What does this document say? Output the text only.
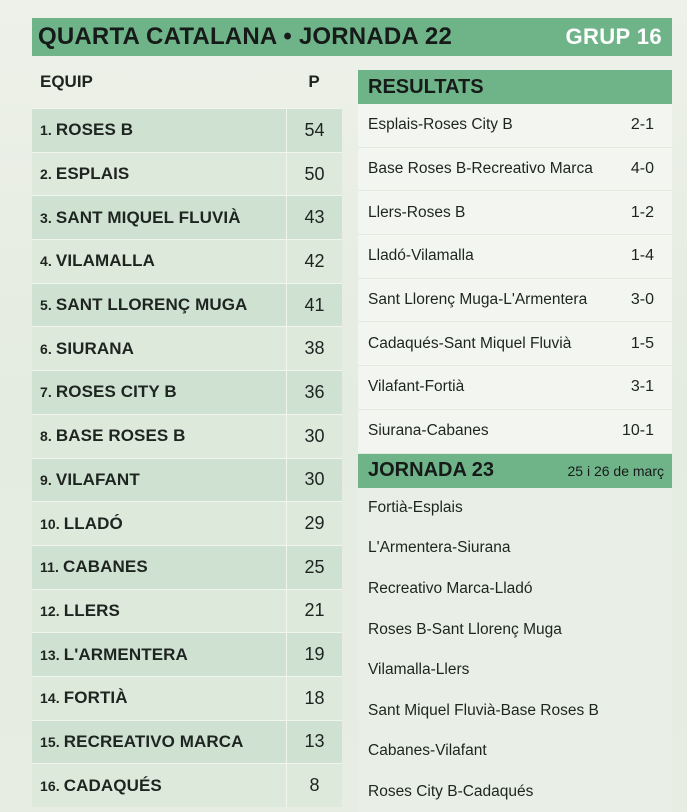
QUARTA CATALANA • JORNADA 22	GRUP 16
EQUIP	P
1. ROSES B	54
2. ESPLAIS	50
3. SANT MIQUEL FLUVIÀ	43
4. VILAMALLA	42
5. SANT LLORENÇ MUGA	41
6. SIURANA	38
7. ROSES CITY B	36
8. BASE ROSES B	30
9. VILAFANT	30
10. LLADÓ	29
11. CABANES	25
12. LLERS	21
13. L'ARMENTERA	19
14. FORTIÀ	18
15. RECREATIVO MARCA	13
16. CADAQUÉS	8
RESULTATS
Esplais-Roses City B	2-1
Base Roses B-Recreativo Marca 4-0
Llers-Roses B	1-2
Lladó-Vilamalla	1-4
Sant Llorenç Muga-L'Armentera	3-0
Cadaqués-Sant Miquel Fluvià	1-5
Vilafant-Fortià	3-1
Siurana-Cabanes	10-1
JORNADA 23	25 i 26 de març
Fortià-Esplais
L'Armentera-Siurana
Recreativo Marca-Lladó
Roses B-Sant Llorenç Muga
Vilamalla-Llers
Sant Miquel Fluvià-Base Roses B
Cabanes-Vilafant
Roses City B-Cadaqués
